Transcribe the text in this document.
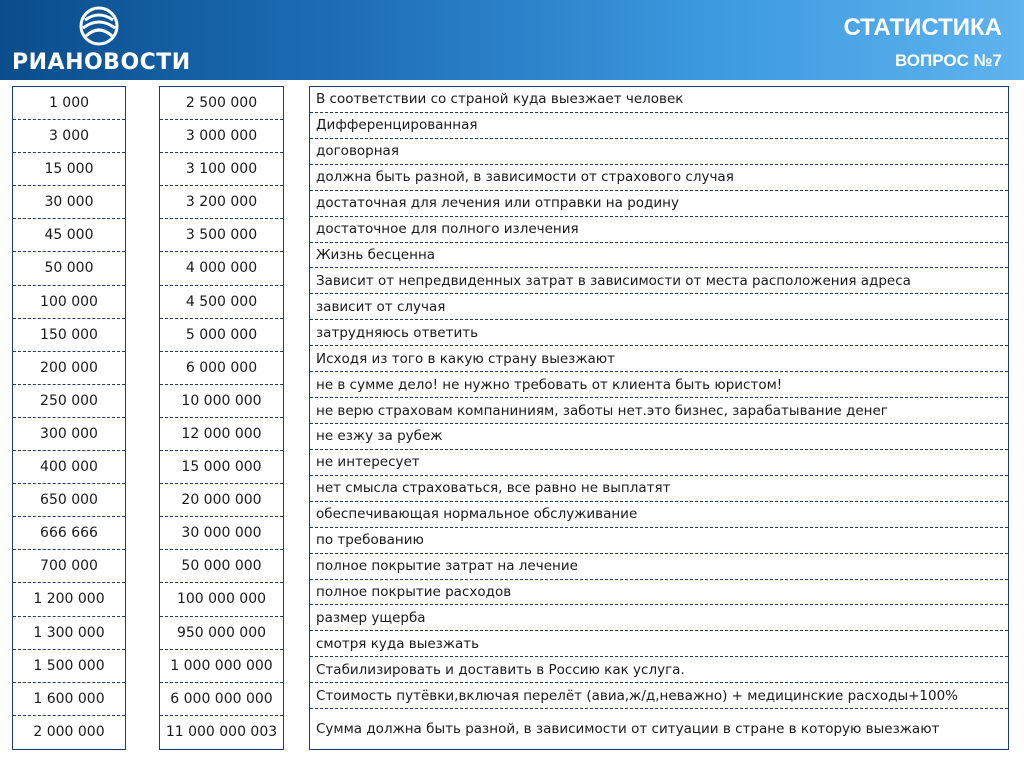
РИАНОВОСТИ
СТАТИСТИКА
ВОПРОС №7
1 000
3 000
15 000
30 000
45 000
50 000
100 000
150 000
200 000
250 000
300 000
400 000
650 000
666 666
700 000
1 200 000
1 300 000
1 500 000
1 600 000
2 000 000
2 500 000
3 000 000
3 100 000
3 200 000
3 500 000
4 000 000
4 500 000
5 000 000
6 000 000
10 000 000
12 000 000
15 000 000
20 000 000
30 000 000
50 000 000
100 000 000
950 000 000
1 000 000 000
6 000 000 000
11 000 000 003
В соответствии со страной куда выезжает человек
Дифференцированная
договорная
должна быть разной, в зависимости от страхового случая
достаточная для лечения или отправки на родину
достаточное для полного излечения
Жизнь бесценна
Зависит от непредвиденных затрат в зависимости от места расположения адреса
зависит от случая
затрудняюсь ответить
Исходя из того в какую страну выезжают
не в сумме дело! не нужно требовать от клиента быть юристом!
не верю страховам компаниниям, заботы нет.это бизнес, зарабатывание денег
не езжу за рубеж
не интересует
нет смысла страховаться, все равно не выплатят
обеспечивающая нормальное обслуживание
по требованию
полное покрытие затрат на лечение
полное покрытие расходов
размер ущерба
смотря куда выезжать
Стабилизировать и доставить в Россию как услуга.
Стоимость путёвки,включая перелёт (авиа,ж/д,неважно) + медицинские расходы+100%
Сумма должна быть разной, в зависимости от ситуации в стране в которую выезжают
